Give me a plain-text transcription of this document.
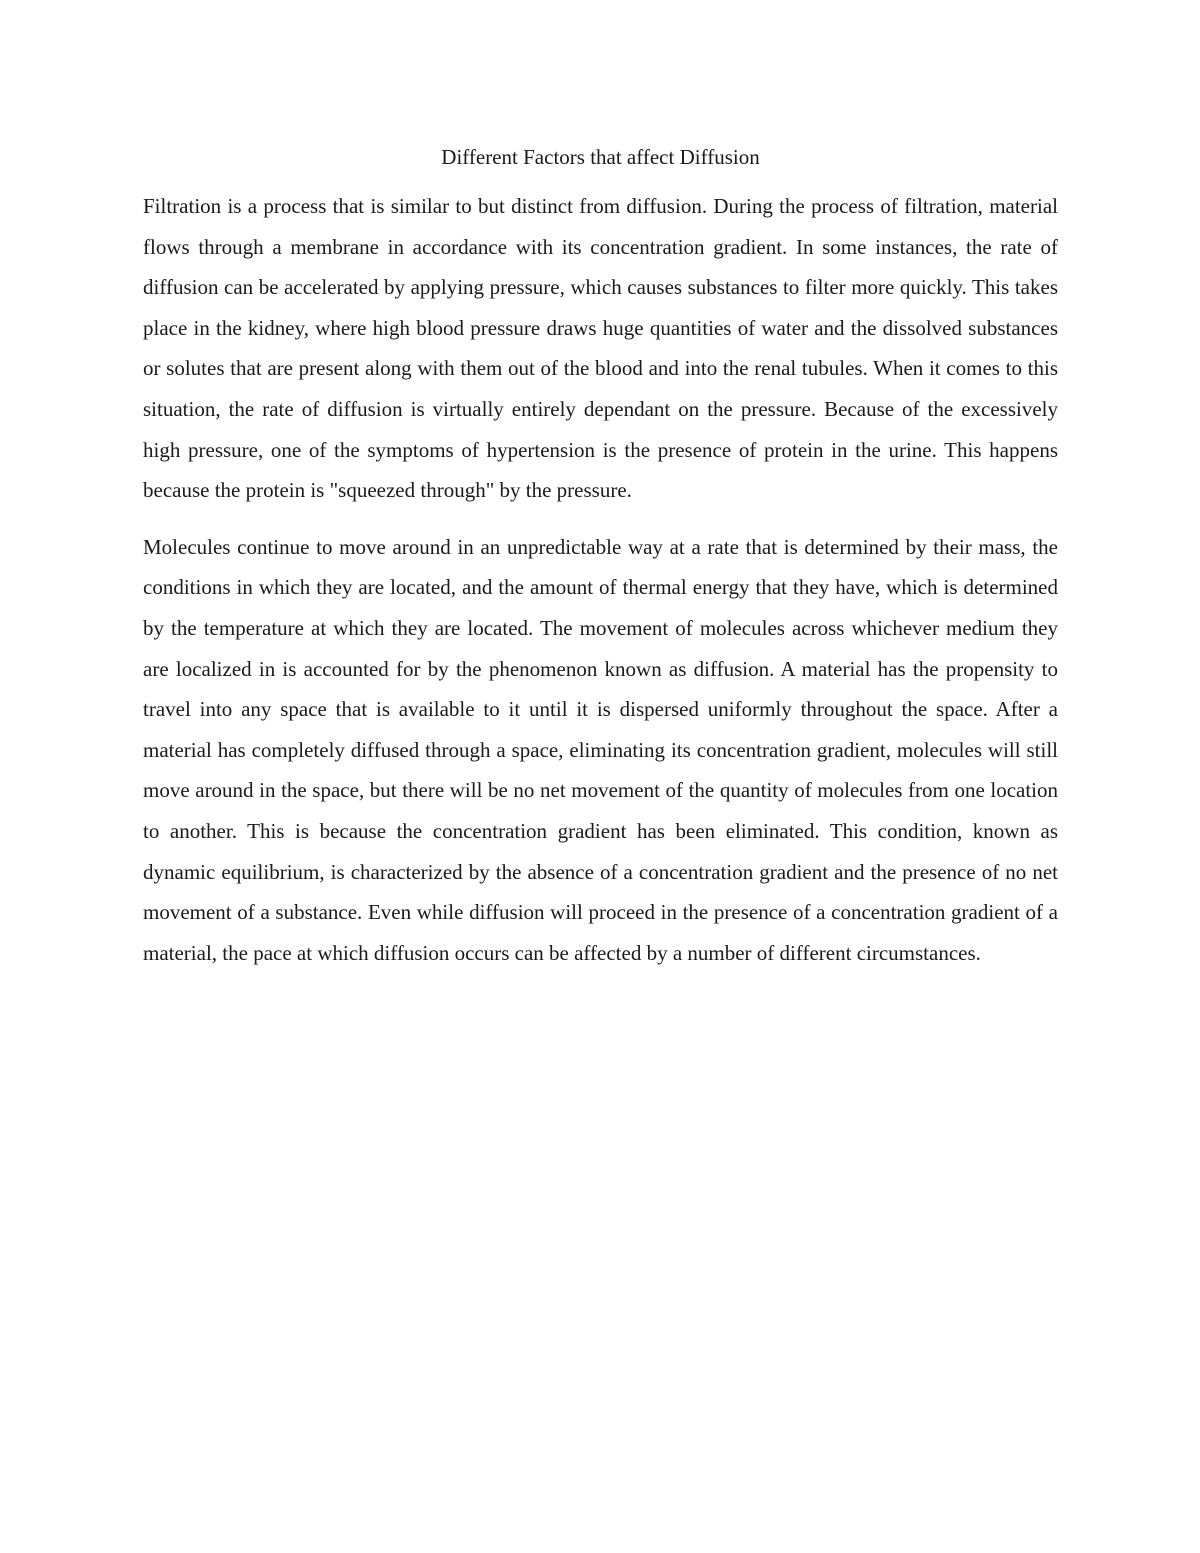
Different Factors that affect Diffusion

Filtration is a process that is similar to but distinct from diffusion. During the process of filtration, material flows through a membrane in accordance with its concentration gradient. In some instances, the rate of diffusion can be accelerated by applying pressure, which causes substances to filter more quickly. This takes place in the kidney, where high blood pressure draws huge quantities of water and the dissolved substances or solutes that are present along with them out of the blood and into the renal tubules. When it comes to this situation, the rate of diffusion is virtually entirely dependant on the pressure. Because of the excessively high pressure, one of the symptoms of hypertension is the presence of protein in the urine. This happens because the protein is "squeezed through" by the pressure.

Molecules continue to move around in an unpredictable way at a rate that is determined by their mass, the conditions in which they are located, and the amount of thermal energy that they have, which is determined by the temperature at which they are located. The movement of molecules across whichever medium they are localized in is accounted for by the phenomenon known as diffusion. A material has the propensity to travel into any space that is available to it until it is dispersed uniformly throughout the space. After a material has completely diffused through a space, eliminating its concentration gradient, molecules will still move around in the space, but there will be no net movement of the quantity of molecules from one location to another. This is because the concentration gradient has been eliminated. This condition, known as dynamic equilibrium, is characterized by the absence of a concentration gradient and the presence of no net movement of a substance. Even while diffusion will proceed in the presence of a concentration gradient of a material, the pace at which diffusion occurs can be affected by a number of different circumstances.
